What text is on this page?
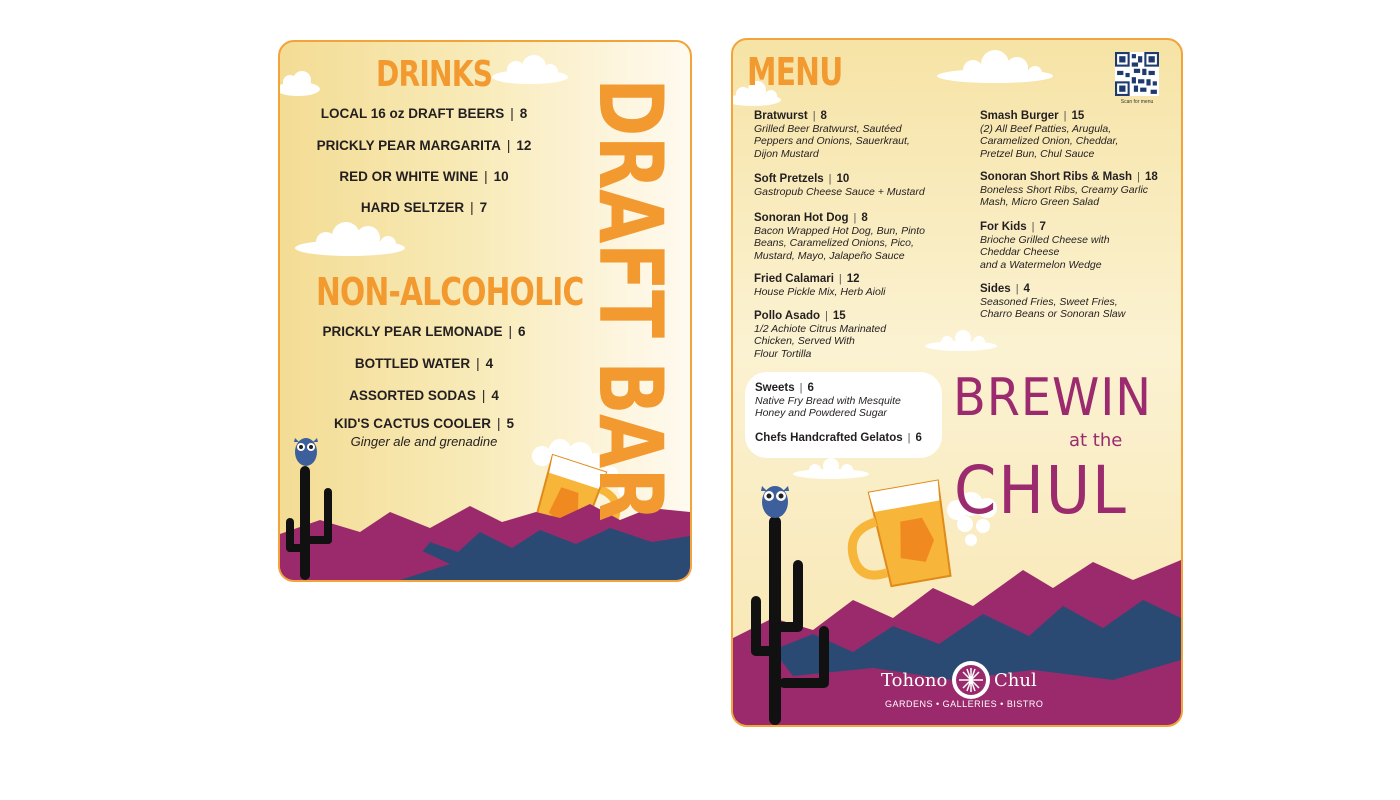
DRINKS
DRAFT BAR
LOCAL 16 oz DRAFT BEERS | 8
PRICKLY PEAR MARGARITA | 12
RED OR WHITE WINE | 10
HARD SELTZER | 7
NON-ALCOHOLIC
PRICKLY PEAR LEMONADE | 6
BOTTLED WATER | 4
ASSORTED SODAS | 4
KID'S CACTUS COOLER | 5
Ginger ale and grenadine
MENU
Scan for menu
Bratwurst | 8
Grilled Beer Bratwurst, Sautéed
Peppers and Onions, Sauerkraut,
Dijon Mustard
Soft Pretzels | 10
Gastropub Cheese Sauce + Mustard
Sonoran Hot Dog | 8
Bacon Wrapped Hot Dog, Bun, Pinto
Beans, Caramelized Onions, Pico,
Mustard, Mayo, Jalapeño Sauce
Fried Calamari | 12
House Pickle Mix, Herb Aioli
Pollo Asado | 15
1/2 Achiote Citrus Marinated
Chicken, Served With
Flour Tortilla
Smash Burger | 15
(2) All Beef Patties, Arugula,
Caramelized Onion, Cheddar,
Pretzel Bun, Chul Sauce
Sonoran Short Ribs & Mash | 18
Boneless Short Ribs, Creamy Garlic
Mash, Micro Green Salad
For Kids | 7
Brioche Grilled Cheese with
Cheddar Cheese
and a Watermelon Wedge
Sides | 4
Seasoned Fries, Sweet Fries,
Charro Beans or Sonoran Slaw
Sweets | 6
Native Fry Bread with Mesquite
Honey and Powdered Sugar
Chefs Handcrafted Gelatos | 6
BREWIN
at the
CHUL
Tohono	Chul
GARDENS • GALLERIES • BISTRO
